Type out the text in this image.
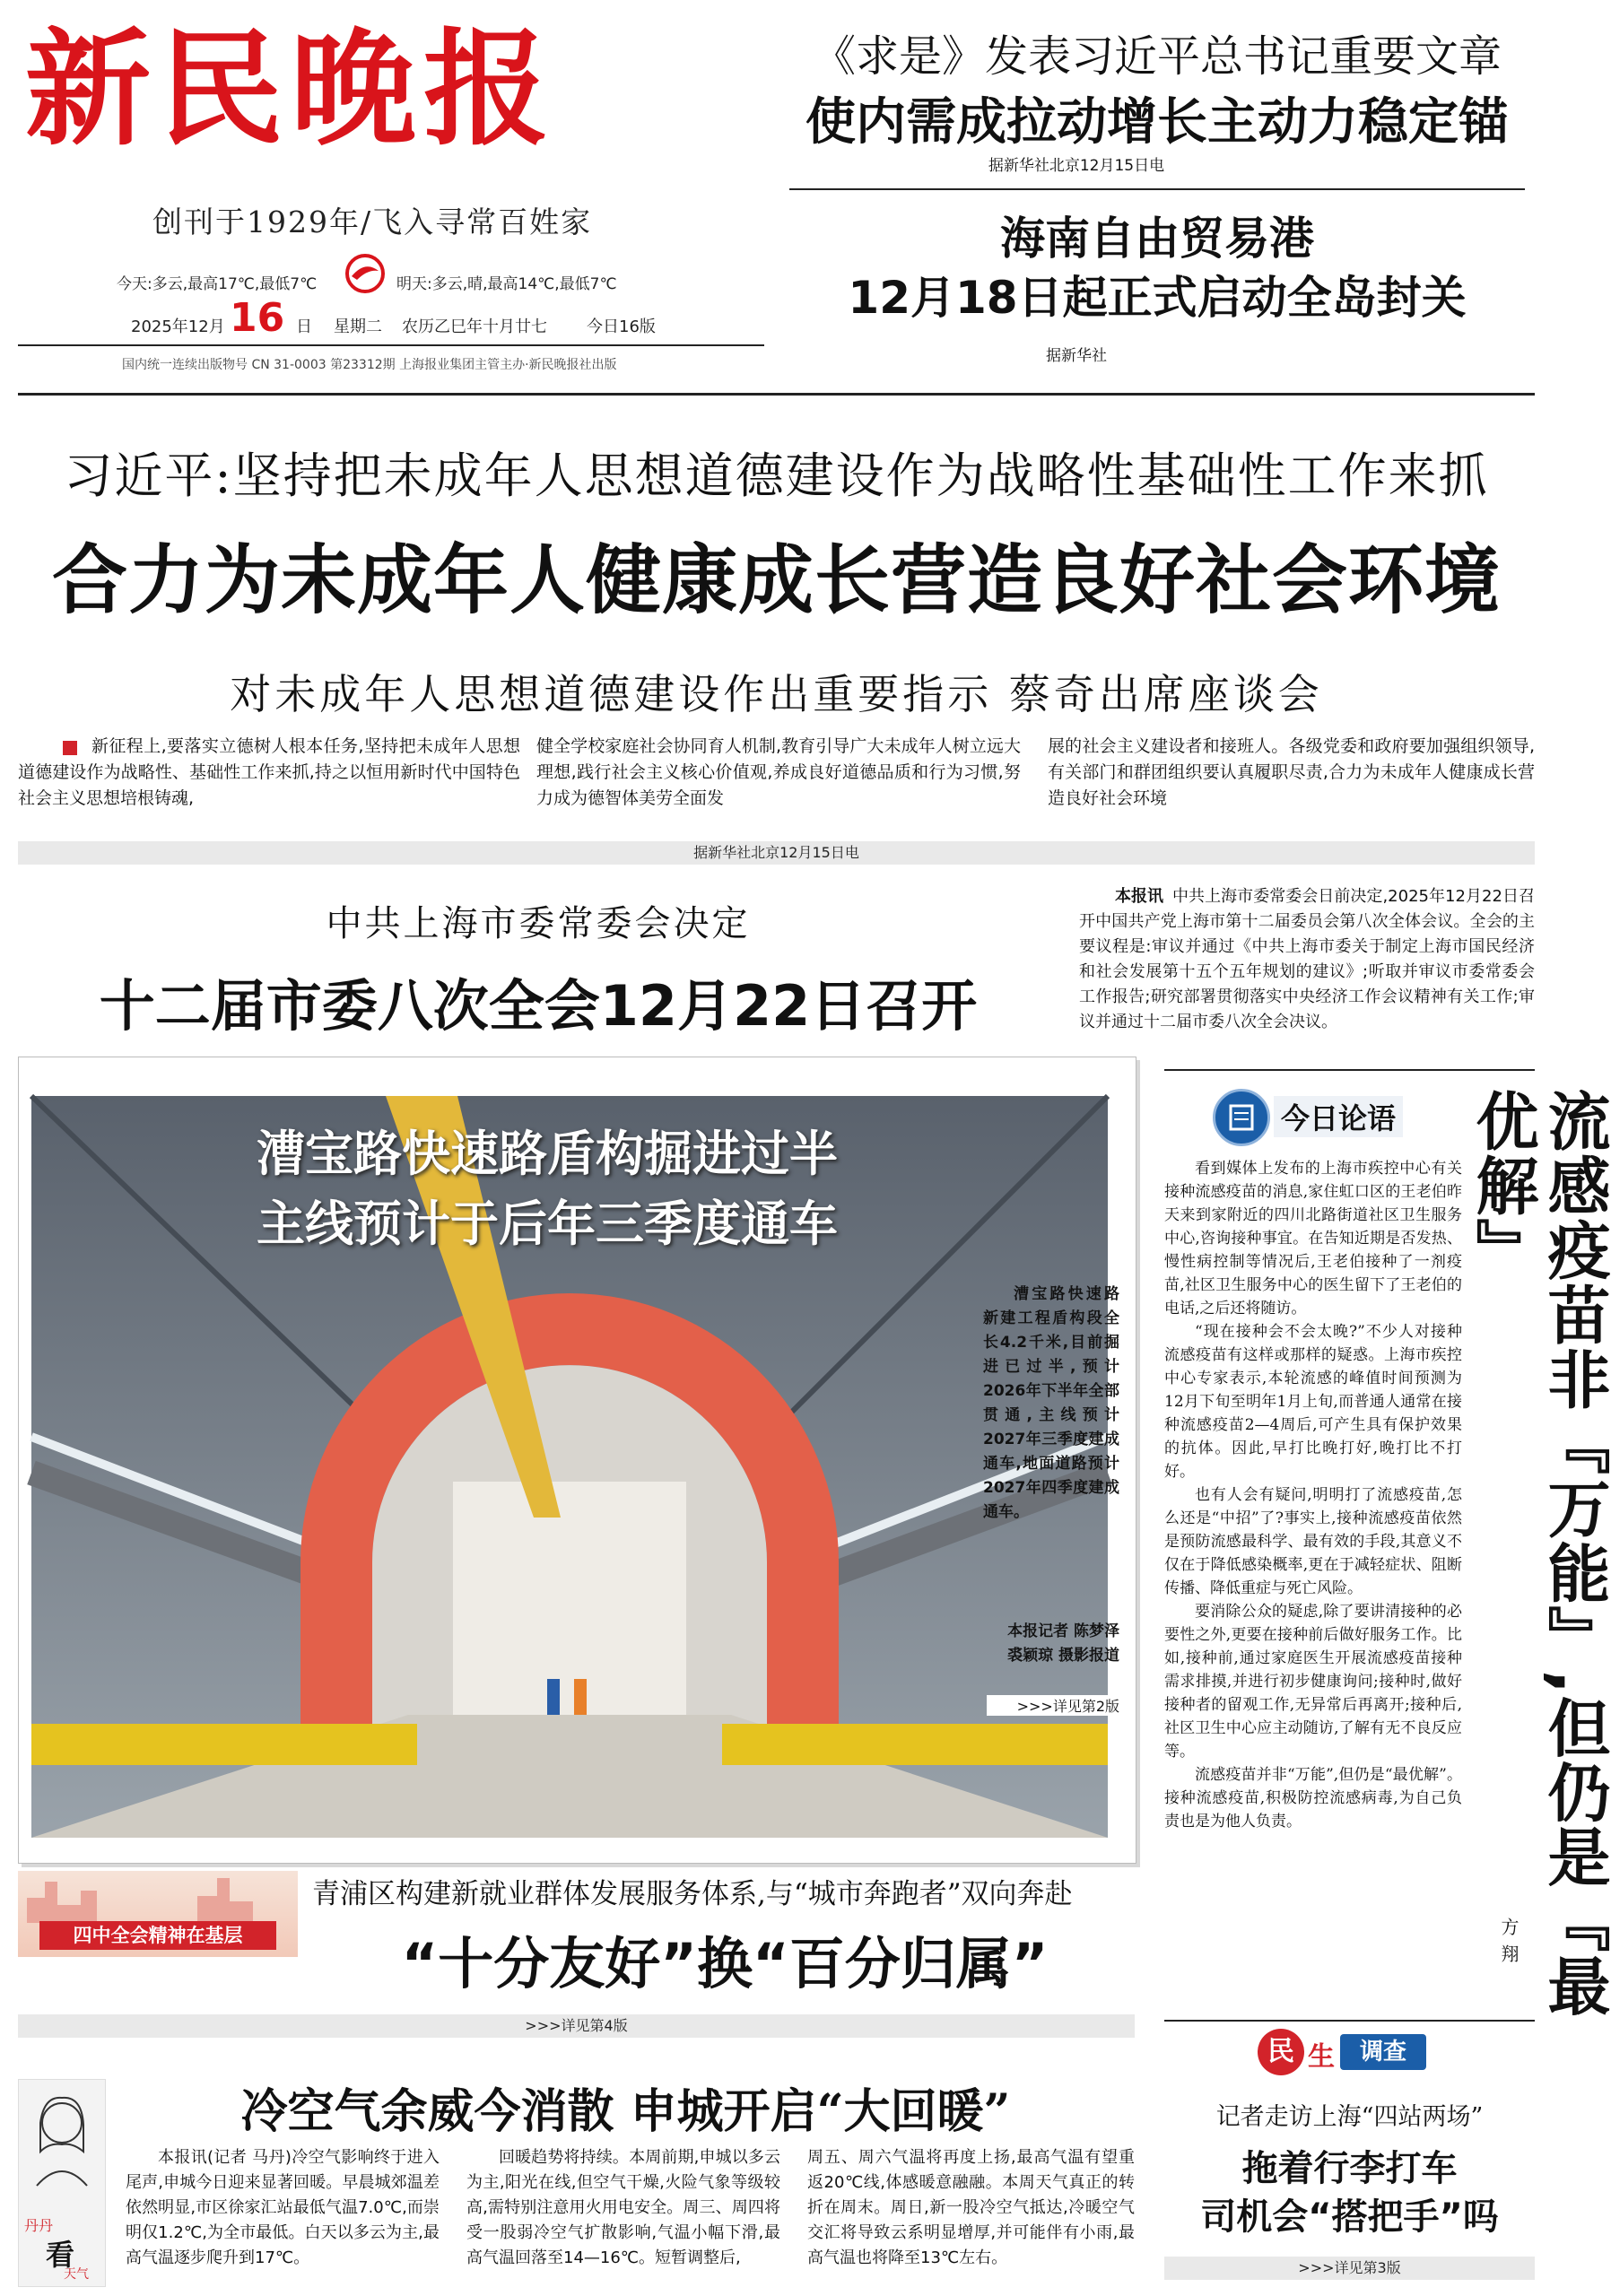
新民晚报
创刊于1929年/飞入寻常百姓家
今天:多云,最高17℃,最低7℃	明天:多云,晴,最高14℃,最低7℃
2025年12月 16 日 星期二 农历乙巳年十月廿七 今日16版
国内统一连续出版物号 CN 31-0003 第23312期 上海报业集团主管主办·新民晚报社出版
《求是》发表习近平总书记重要文章
使内需成拉动增长主动力稳定锚
据新华社北京12月15日电
海南自由贸易港
12月18日起正式启动全岛封关
据新华社
习近平:坚持把未成年人思想道德建设作为战略性基础性工作来抓
合力为未成年人健康成长营造良好社会环境
对未成年人思想道德建设作出重要指示 蔡奇出席座谈会

新征程上,要落实立德树人根本任务,坚持把未成年人思想道德建设作为战略性、基础性工作来抓,持之以恒用新时代中国特色社会主义思想培根铸魂,

健全学校家庭社会协同育人机制,教育引导广大未成年人树立远大理想,践行社会主义核心价值观,养成良好道德品质和行为习惯,努力成为德智体美劳全面发

展的社会主义建设者和接班人。各级党委和政府要加强组织领导,有关部门和群团组织要认真履职尽责,合力为未成年人健康成长营造良好社会环境

据新华社北京12月15日电
中共上海市委常委会决定
十二届市委八次全会12月22日召开
本报讯 中共上海市委常委会日前决定,2025年12月22日召开中国共产党上海市第十二届委员会第八次全体会议。全会的主要议程是:审议并通过《中共上海市委关于制定上海市国民经济和社会发展第十五个五年规划的建议》;听取并审议市委常委会工作报告;研究部署贯彻落实中央经济工作会议精神有关工作;审议并通过十二届市委八次全会决议。

漕宝路快速路盾构掘进过半
主线预计于后年三季度通车

漕宝路快速路新建工程盾构段全长4.2千米,目前掘进已过半,预计2026年下半年全部贯通,主线预计2027年三季度建成通车,地面道路预计2027年四季度建成通车。

本报记者 陈梦泽 裘颖琼 摄影报道
>>>详见第2版
今日论语

看到媒体上发布的上海市疾控中心有关接种流感疫苗的消息,家住虹口区的王老伯昨天来到家附近的四川北路街道社区卫生服务中心,咨询接种事宜。在告知近期是否发热、慢性病控制等情况后,王老伯接种了一剂疫苗,社区卫生服务中心的医生留下了王老伯的电话,之后还将随访。

“现在接种会不会太晚?”不少人对接种流感疫苗有这样或那样的疑惑。上海市疾控中心专家表示,本轮流感的峰值时间预测为12月下旬至明年1月上旬,而普通人通常在接种流感疫苗2—4周后,可产生具有保护效果的抗体。因此,早打比晚打好,晚打比不打好。

也有人会有疑问,明明打了流感疫苗,怎么还是“中招”了?事实上,接种流感疫苗依然是预防流感最科学、最有效的手段,其意义不仅在于降低感染概率,更在于减轻症状、阻断传播、降低重症与死亡风险。

要消除公众的疑虑,除了要讲清接种的必要性之外,更要在接种前后做好服务工作。比如,接种前,通过家庭医生开展流感疫苗接种需求排摸,并进行初步健康询问;接种时,做好接种者的留观工作,无异常后再离开;接种后,社区卫生中心应主动随访,了解有无不良反应等。

流感疫苗并非“万能”,但仍是“最优解”。接种流感疫苗,积极防控流感病毒,为自己负责也是为他人负责。	流感疫苗非『万能』,但仍是『最优解』
方翔
四中全会精神在基层
青浦区构建新就业群体发展服务体系,与“城市奔跑者”双向奔赴
“十分友好”换“百分归属”
>>>详见第4版
丹丹
看
天气
冷空气余威今消散 申城开启“大回暖”

本报讯(记者 马丹)冷空气影响终于进入尾声,申城今日迎来显著回暖。早晨城郊温差依然明显,市区徐家汇站最低气温7.0℃,而崇明仅1.2℃,为全市最低。白天以多云为主,最高气温逐步爬升到17℃。

回暖趋势将持续。本周前期,申城以多云为主,阳光在线,但空气干燥,火险气象等级较高,需特别注意用火用电安全。周三、周四将受一股弱冷空气扩散影响,气温小幅下滑,最高气温回落至14—16℃。短暂调整后,

周五、周六气温将再度上扬,最高气温有望重返20℃线,体感暖意融融。本周天气真正的转折在周末。周日,新一股冷空气抵达,冷暖空气交汇将导致云系明显增厚,并可能伴有小雨,最高气温也将降至13℃左右。

民 生	调查
记者走访上海“四站两场”
拖着行李打车
司机会“搭把手”吗
>>>详见第3版
